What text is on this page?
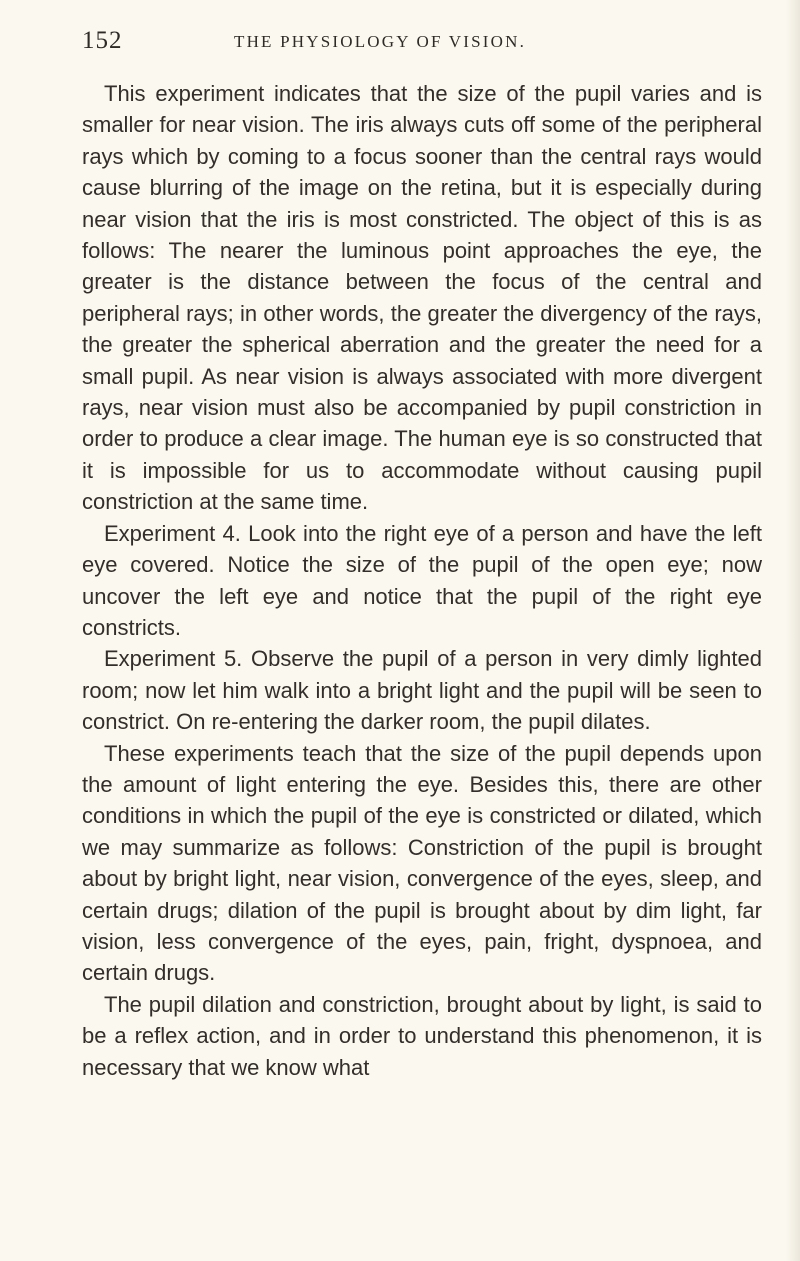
152	THE PHYSIOLOGY OF VISION.

This experiment indicates that the size of the pupil varies and is smaller for near vision. The iris always cuts off some of the peripheral rays which by coming to a focus sooner than the central rays would cause blurring of the image on the retina, but it is especially during near vision that the iris is most constricted. The object of this is as follows: The nearer the luminous point approaches the eye, the greater is the distance between the focus of the central and peripheral rays; in other words, the greater the divergency of the rays, the greater the spherical aberration and the greater the need for a small pupil. As near vision is always associated with more divergent rays, near vision must also be accompanied by pupil constriction in order to produce a clear image. The human eye is so constructed that it is impossible for us to accommodate without causing pupil constriction at the same time.

Experiment 4. Look into the right eye of a person and have the left eye covered. Notice the size of the pupil of the open eye; now uncover the left eye and notice that the pupil of the right eye constricts.

Experiment 5. Observe the pupil of a person in very dimly lighted room; now let him walk into a bright light and the pupil will be seen to constrict. On re-entering the darker room, the pupil dilates.

These experiments teach that the size of the pupil depends upon the amount of light entering the eye. Besides this, there are other conditions in which the pupil of the eye is constricted or dilated, which we may summarize as follows: Constriction of the pupil is brought about by bright light, near vision, convergence of the eyes, sleep, and certain drugs; dilation of the pupil is brought about by dim light, far vision, less convergence of the eyes, pain, fright, dyspnoea, and certain drugs.

The pupil dilation and constriction, brought about by light, is said to be a reflex action, and in order to understand this phenomenon, it is necessary that we know what
